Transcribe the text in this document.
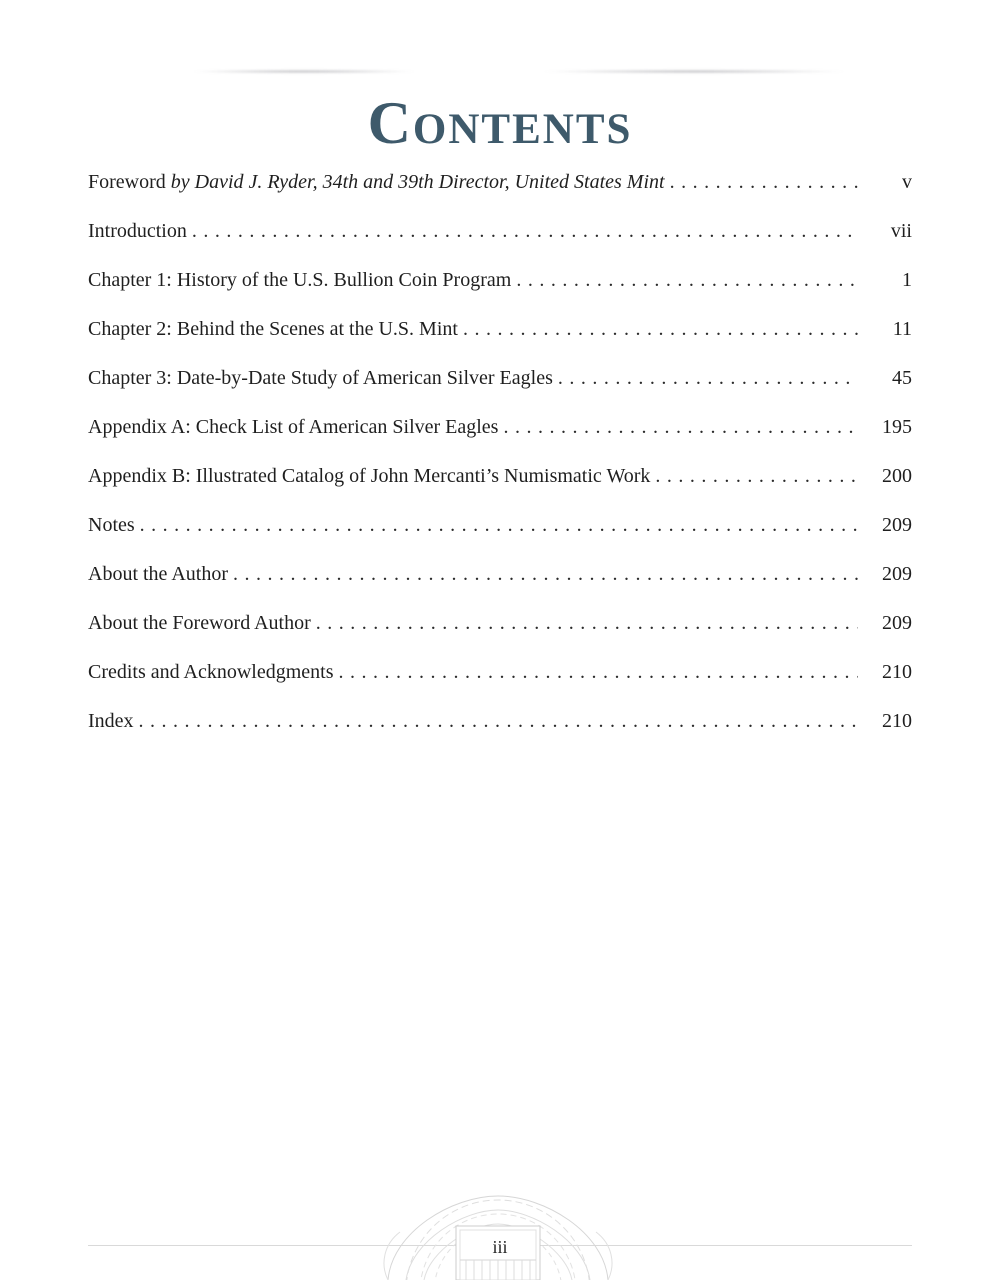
CONTENTS
Foreword by David J. Ryder, 34th and 39th Director, United States Mint .....	v
Introduction .....	vii
Chapter 1: History of the U.S. Bullion Coin Program .....	1
Chapter 2: Behind the Scenes at the U.S. Mint .....	11
Chapter 3: Date-by-Date Study of American Silver Eagles .....	45
Appendix A: Check List of American Silver Eagles .....	195
Appendix B: Illustrated Catalog of John Mercanti’s Numismatic Work .....	200
Notes .....	209
About the Author .....	209
About the Foreword Author .....	209
Credits and Acknowledgments .....	210
Index .....	210
iii
